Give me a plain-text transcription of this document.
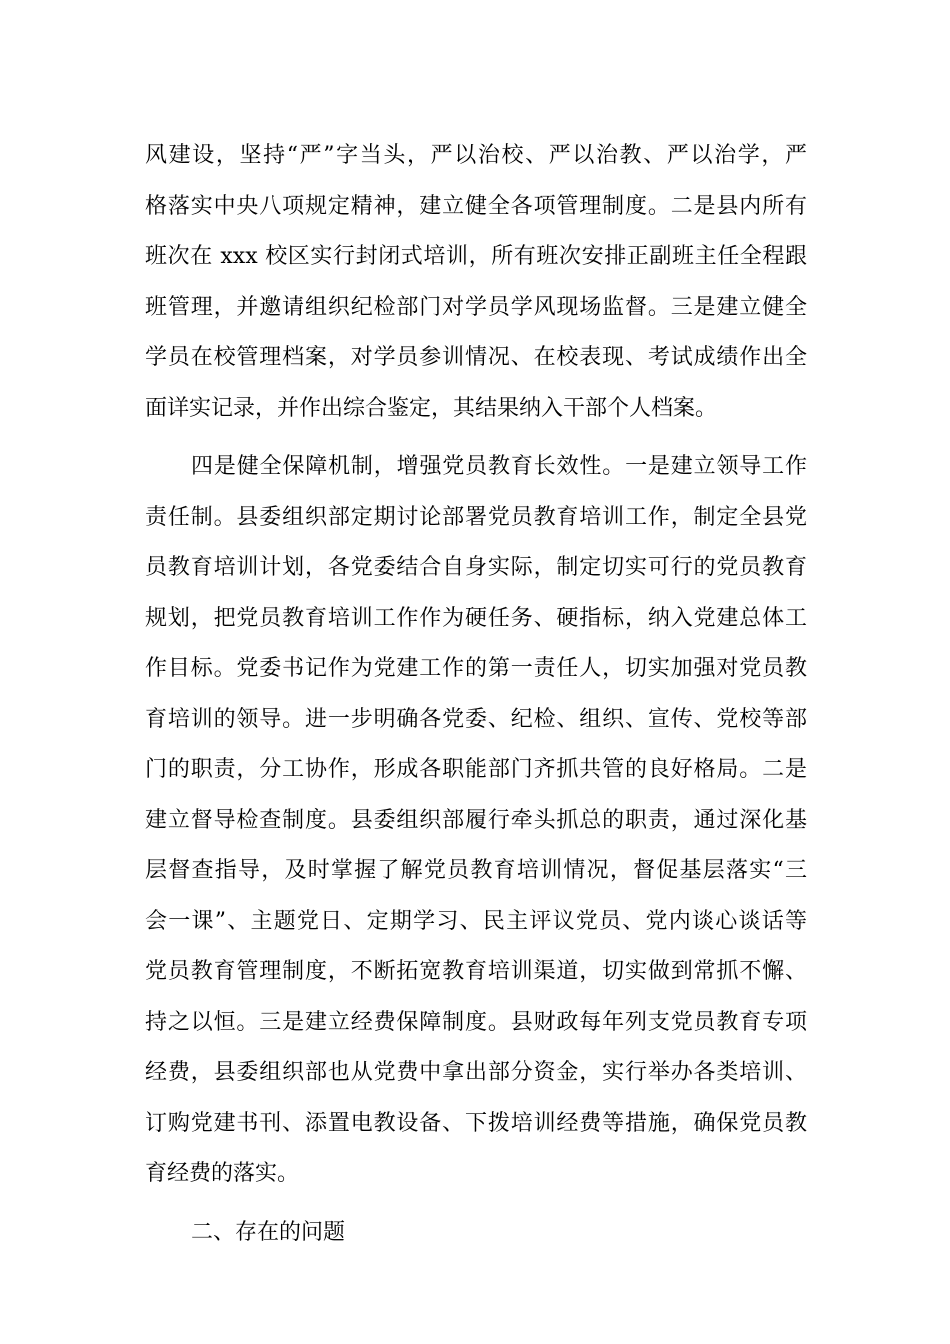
风建设，坚持“严”字当头，严以治校、严以治教、严以治学，严
格落实中央八项规定精神，建立健全各项管理制度。二是县内所有
班次在 xxx 校区实行封闭式培训，所有班次安排正副班主任全程跟
班管理，并邀请组织纪检部门对学员学风现场监督。三是建立健全
学员在校管理档案，对学员参训情况、在校表现、考试成绩作出全
面详实记录，并作出综合鉴定，其结果纳入干部个人档案。
四是健全保障机制，增强党员教育长效性。一是建立领导工作
责任制。县委组织部定期讨论部署党员教育培训工作，制定全县党
员教育培训计划，各党委结合自身实际，制定切实可行的党员教育
规划，把党员教育培训工作作为硬任务、硬指标，纳入党建总体工
作目标。党委书记作为党建工作的第一责任人，切实加强对党员教
育培训的领导。进一步明确各党委、纪检、组织、宣传、党校等部
门的职责，分工协作，形成各职能部门齐抓共管的良好格局。二是
建立督导检查制度。县委组织部履行牵头抓总的职责，通过深化基
层督查指导，及时掌握了解党员教育培训情况，督促基层落实“三
会一课”、主题党日、定期学习、民主评议党员、党内谈心谈话等
党员教育管理制度，不断拓宽教育培训渠道，切实做到常抓不懈、
持之以恒。三是建立经费保障制度。县财政每年列支党员教育专项
经费，县委组织部也从党费中拿出部分资金，实行举办各类培训、
订购党建书刊、添置电教设备、下拨培训经费等措施，确保党员教
育经费的落实。
二、存在的问题
